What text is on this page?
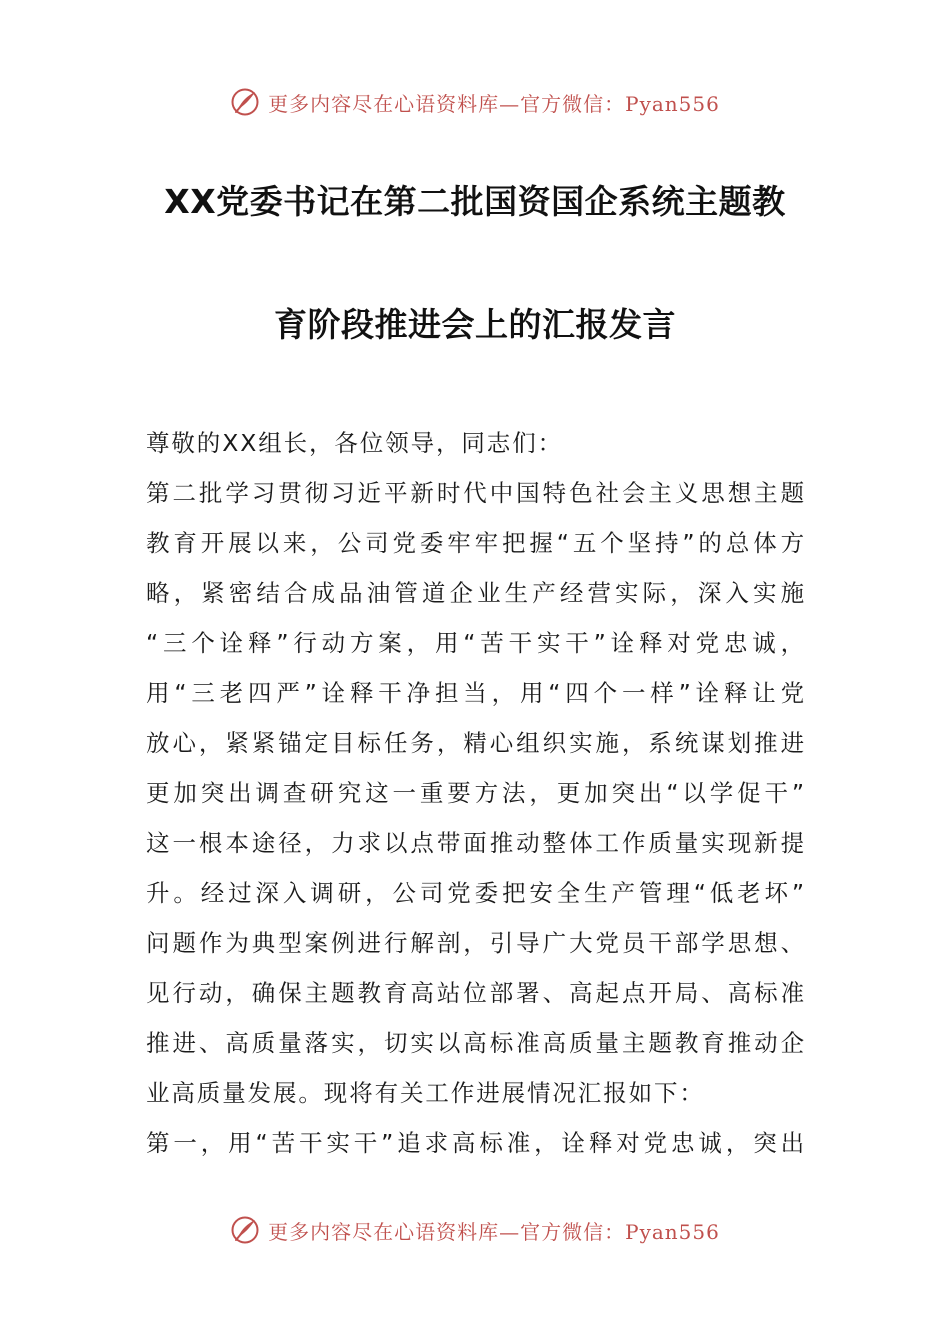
更多内容尽在心语资料库—官方微信：Pyan556
XX党委书记在第二批国资国企系统主题教
育阶段推进会上的汇报发言
尊敬的XX组长，各位领导，同志们：
第二批学习贯彻习近平新时代中国特色社会主义思想主题
教育开展以来，公司党委牢牢把握“五个坚持”的总体方
略，紧密结合成品油管道企业生产经营实际，深入实施
“三个诠释”行动方案，用“苦干实干”诠释对党忠诚，
用“三老四严”诠释干净担当，用“四个一样”诠释让党
放心，紧紧锚定目标任务，精心组织实施，系统谋划推进
更加突出调查研究这一重要方法，更加突出“以学促干”
这一根本途径，力求以点带面推动整体工作质量实现新提
升。经过深入调研，公司党委把安全生产管理“低老坏”
问题作为典型案例进行解剖，引导广大党员干部学思想、
见行动，确保主题教育高站位部署、高起点开局、高标准
推进、高质量落实，切实以高标准高质量主题教育推动企
业高质量发展。现将有关工作进展情况汇报如下：
第一，用“苦干实干”追求高标准，诠释对党忠诚，突出
更多内容尽在心语资料库—官方微信：Pyan556
